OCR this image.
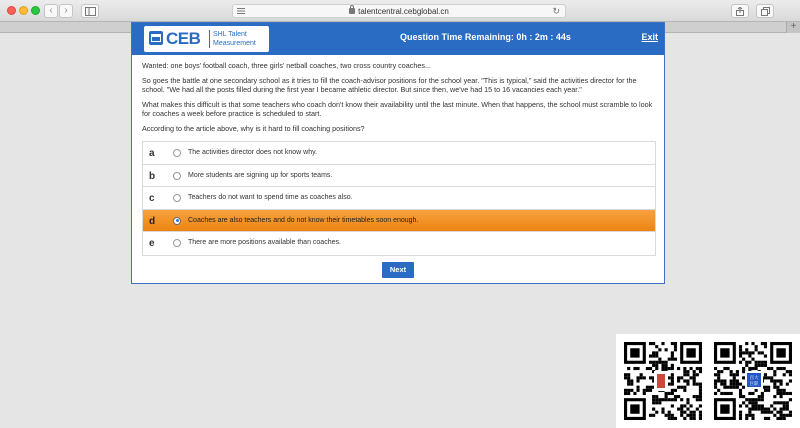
‹	›	talentcentral.cebglobal.cn	↻
+
CEB SHL Talent Measurement
Question Time Remaining: 0h : 2m : 44s	Exit

Wanted: one boys' football coach, three girls' netball coaches, two cross country coaches...

So goes the battle at one secondary school as it tries to fill the coach-advisor positions for the school year. "This is typical," said the activities director for the school. "We had all the posts filled during the first year I became athletic director. But since then, we've had 15 to 16 vacancies each year."

What makes this difficult is that some teachers who coach don't know their availability until the last minute. When that happens, the school must scramble to look for coaches a week before practice is scheduled to start.

According to the article above, why is it hard to fill coaching positions?

a	The activities director does not know why.
b	More students are signing up for sports teams.
c	Teachers do not want to spend time as coaches also.
d	Coaches are also teachers and do not know their timetables soon enough.
e	There are more positions available than coaches.
Next
百大 巨职
